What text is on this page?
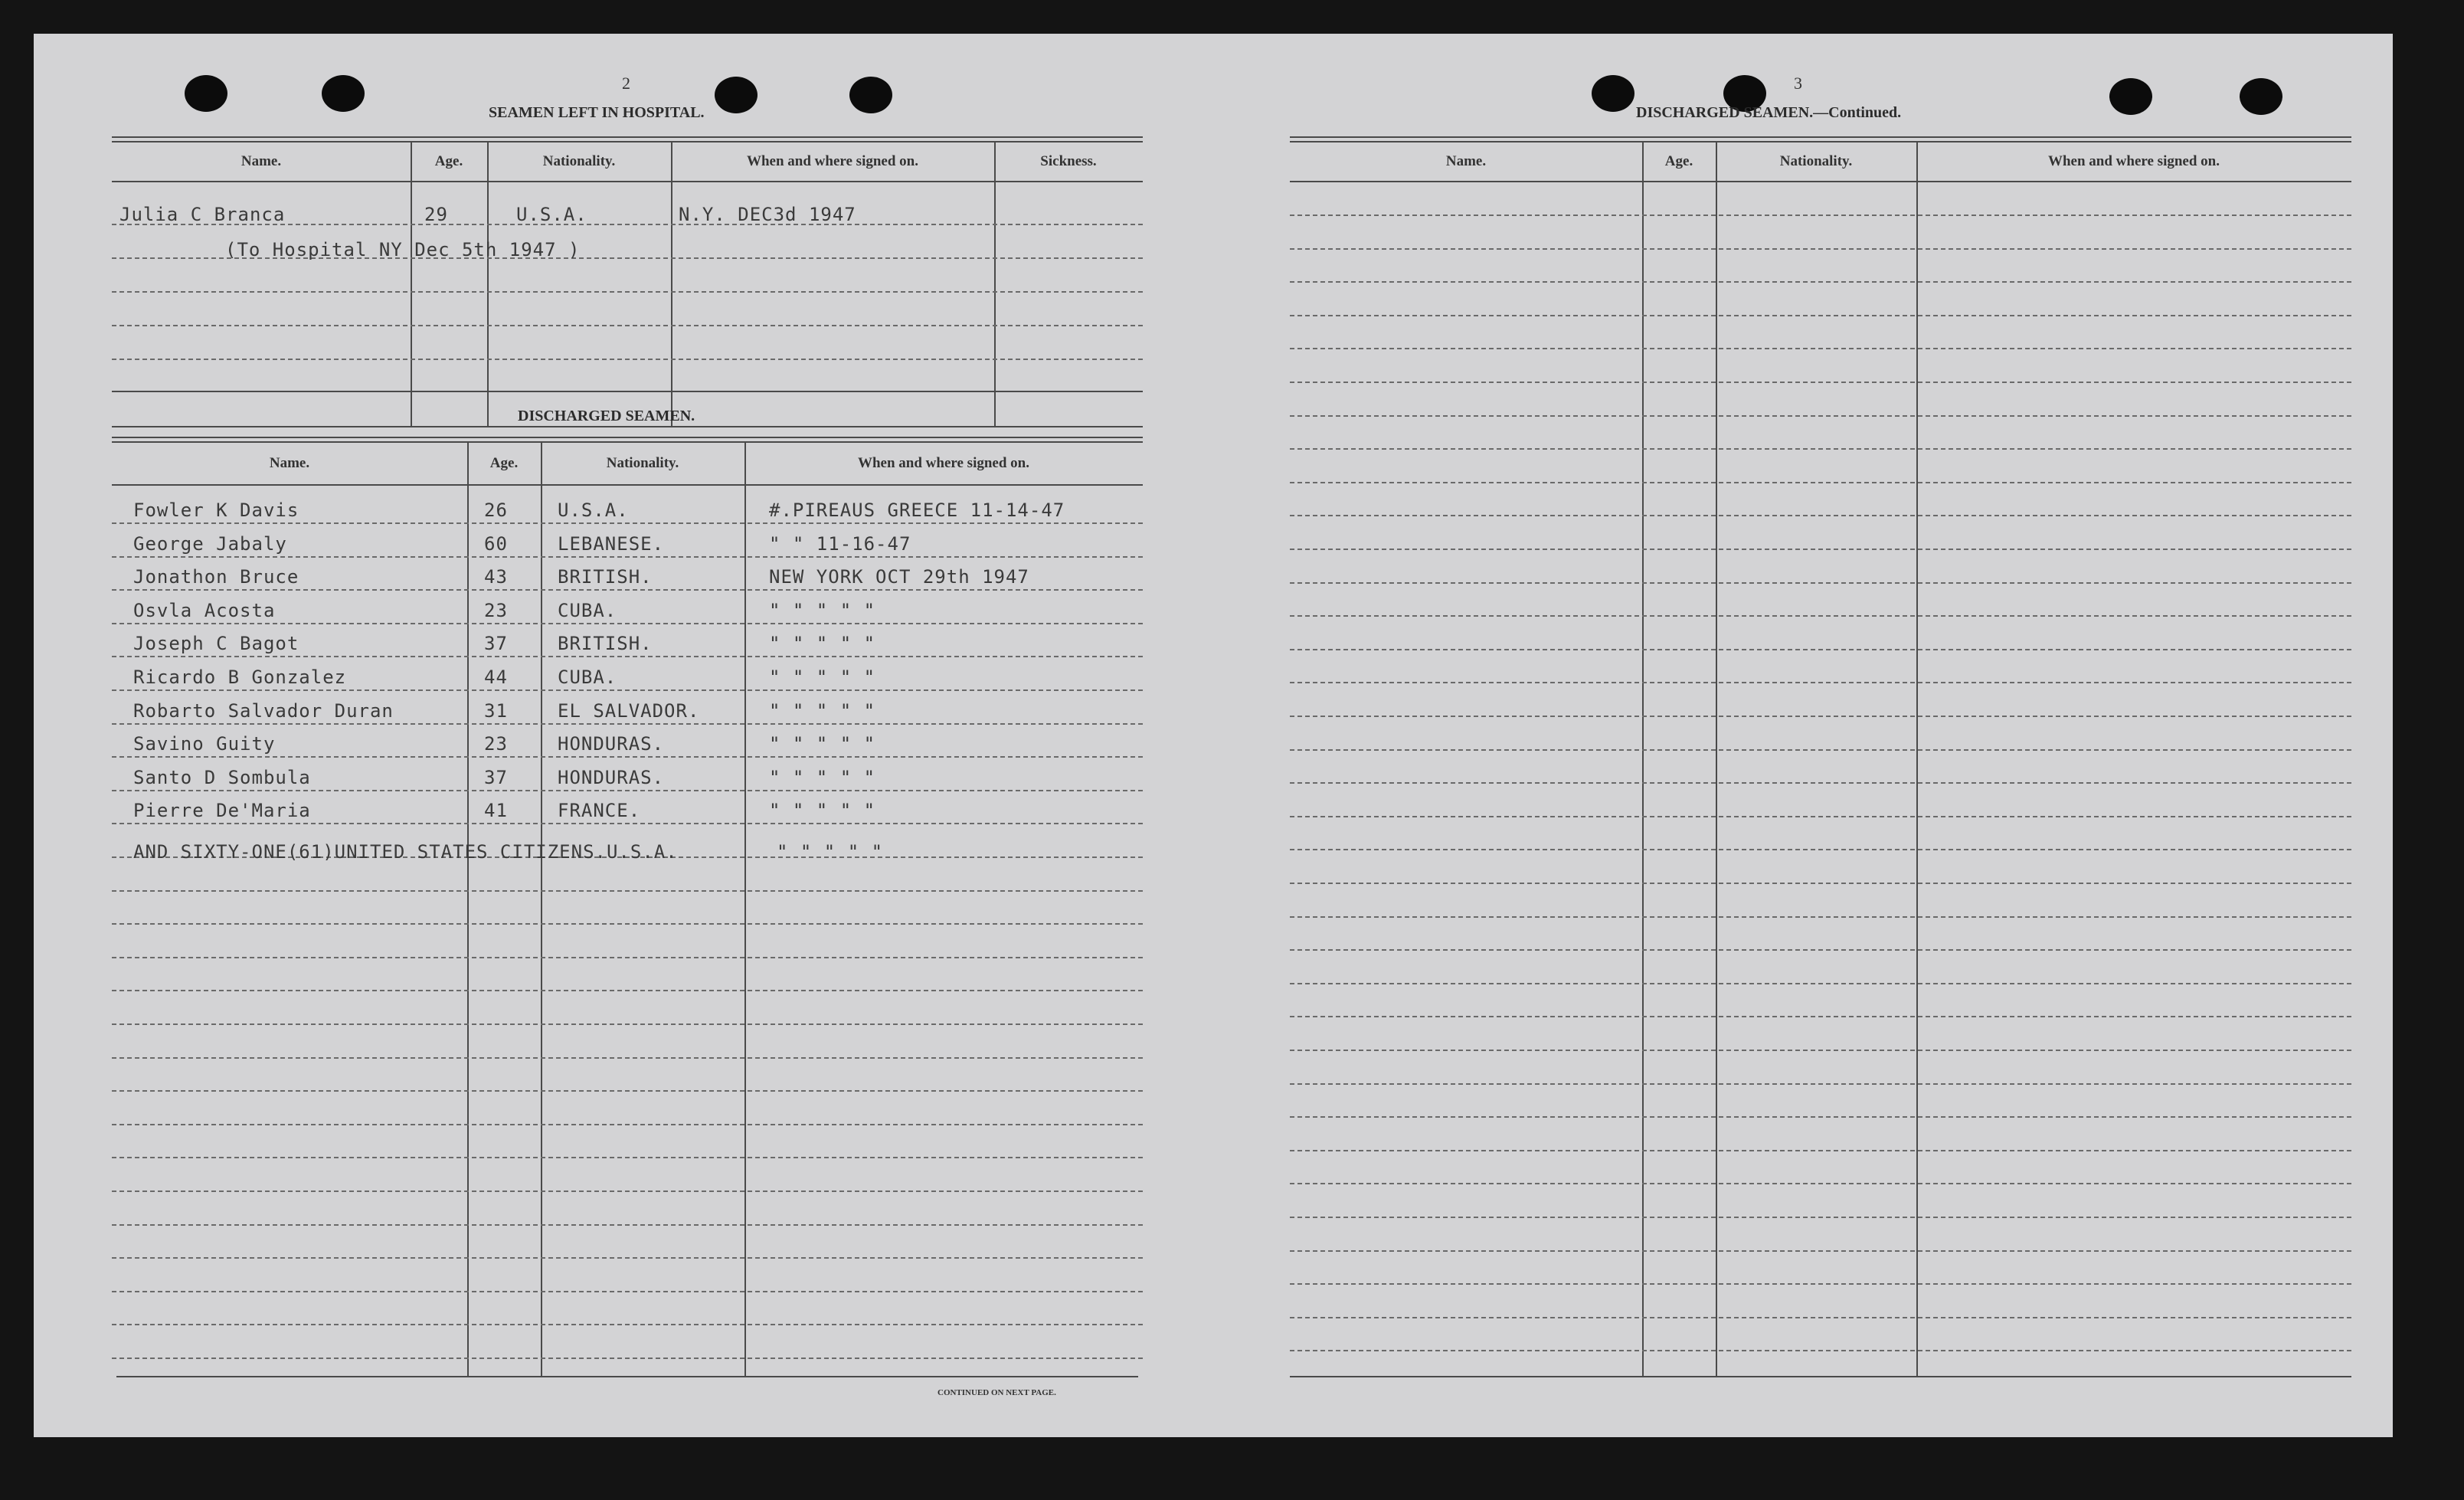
2
SEAMEN LEFT IN HOSPITAL.
Name.	Age.	Nationality.	When and where signed on.	Sickness.
Julia C Branca	29	U.S.A.	N.Y. DEC3d 1947
(To Hospital NY Dec 5th 1947 )
DISCHARGED SEAMEN.
Name.	Age.	Nationality.	When and where signed on.
Fowler K Davis	26	U.S.A.	#.PIREAUS GREECE 11-14-47
George Jabaly	60	LEBANESE.	" " 11-16-47
Jonathon Bruce	43	BRITISH.	NEW YORK OCT 29th 1947
Osvla Acosta	23	CUBA.	" " " " "
Joseph C Bagot	37	BRITISH.	" " " " "
Ricardo B Gonzalez	44	CUBA.	" " " " "
Robarto Salvador Duran	31	EL SALVADOR.	" " " " "
Savino Guity	23	HONDURAS.	" " " " "
Santo D Sombula	37	HONDURAS.	" " " " "
Pierre De'Maria	41	FRANCE.	" " " " "
AND SIXTY-ONE(61)UNITED STATES CITIZENS.U.S.A.	" " " " "
CONTINUED ON NEXT PAGE.
3
DISCHARGED SEAMEN.—Continued.
Name.	Age.	Nationality.	When and where signed on.
